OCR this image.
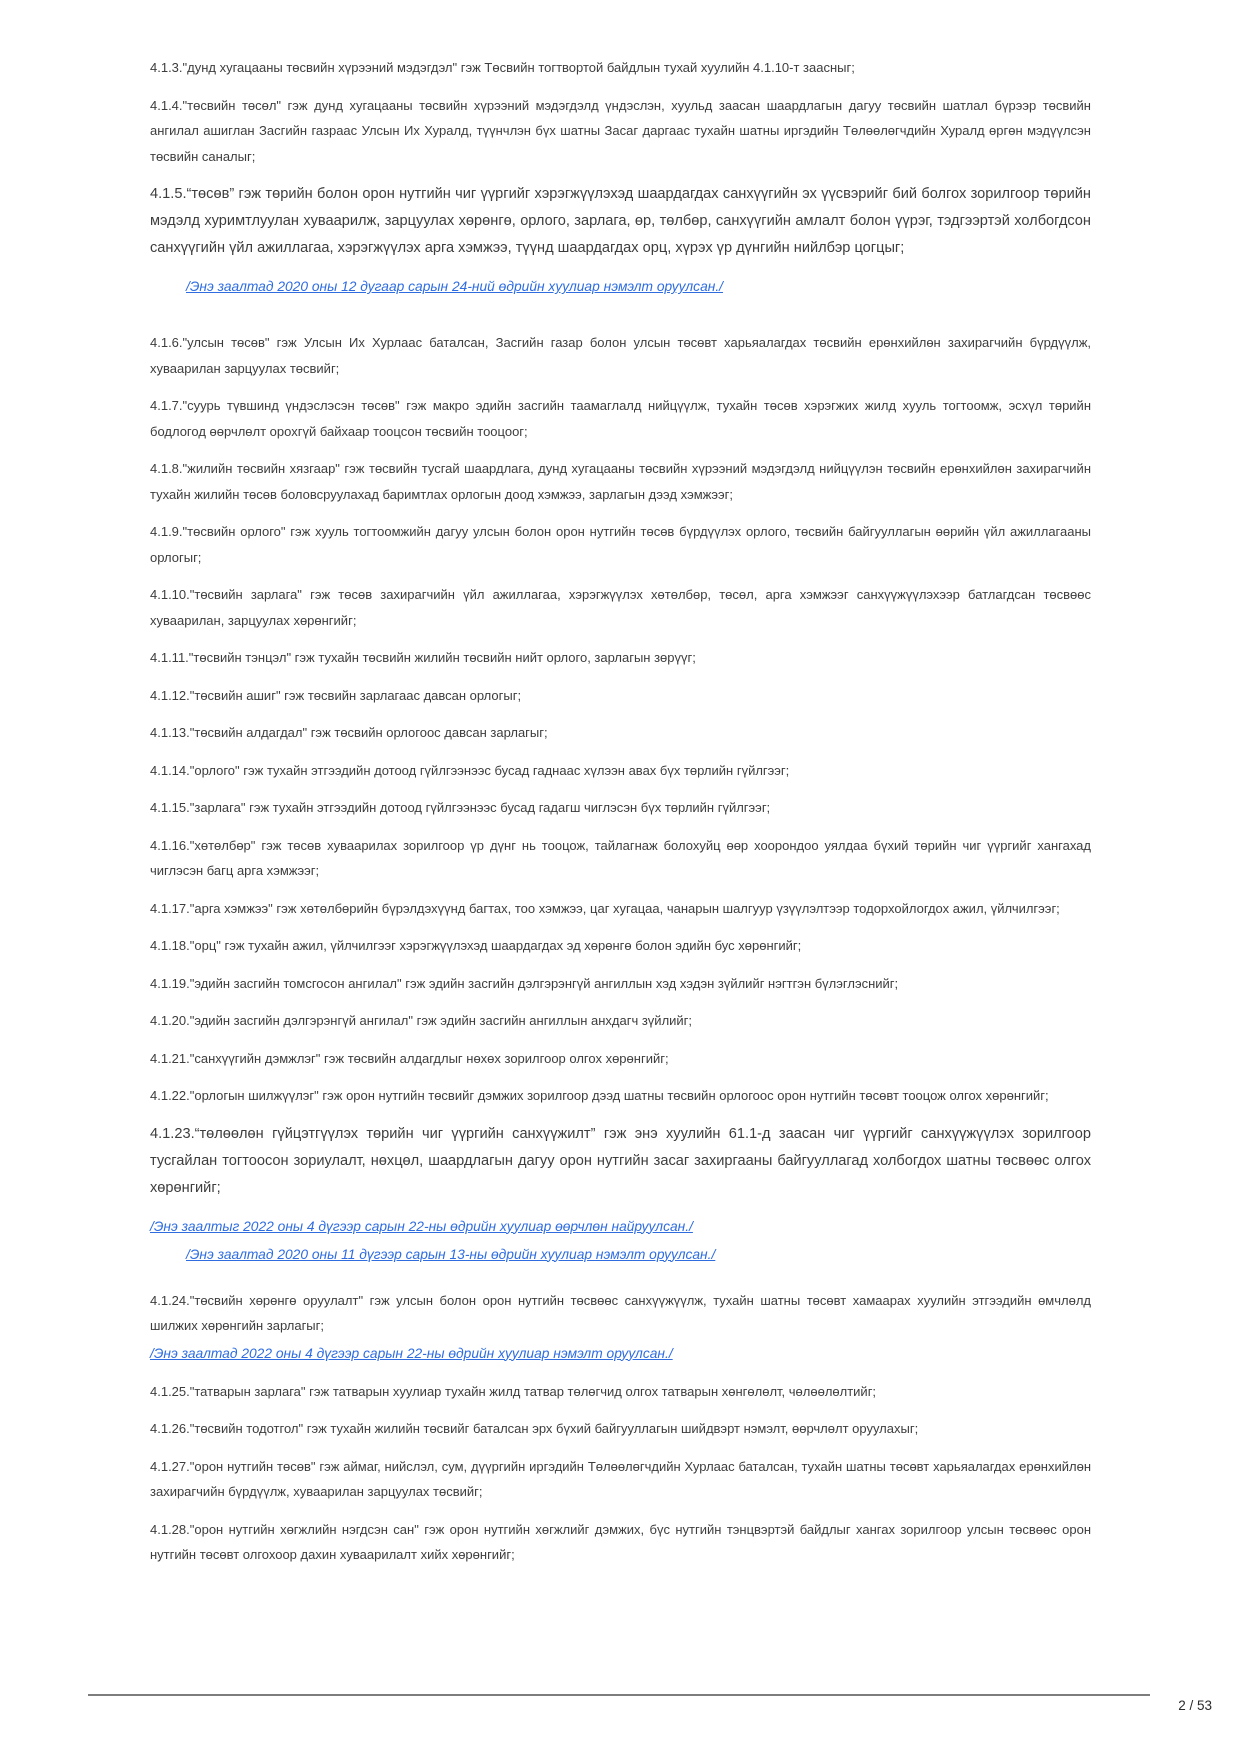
4.1.3."дунд хугацааны төсвийн хүрээний мэдэгдэл" гэж Төсвийн тогтвортой байдлын тухай хуулийн 4.1.10-т заасныг;

4.1.4."төсвийн төсөл" гэж дунд хугацааны төсвийн хүрээний мэдэгдэлд үндэслэн, хуульд заасан шаардлагын дагуу төсвийн шатлал бүрээр төсвийн ангилал ашиглан Засгийн газраас Улсын Их Хуралд, түүнчлэн бүх шатны Засаг даргаас тухайн шатны иргэдийн Төлөөлөгчдийн Хуралд өргөн мэдүүлсэн төсвийн саналыг;

4.1.5.“төсөв” гэж төрийн болон орон нутгийн чиг үүргийг хэрэгжүүлэхэд шаардагдах санхүүгийн эх үүсвэрийг бий болгох зорилгоор төрийн мэдэлд хуримтлуулан хуваарилж, зарцуулах хөрөнгө, орлого, зарлага, өр, төлбөр, санхүүгийн амлалт болон үүрэг, тэдгээртэй холбогдсон санхүүгийн үйл ажиллагаа, хэрэгжүүлэх арга хэмжээ, түүнд шаардагдах орц, хүрэх үр дүнгийн нийлбэр цогцыг;

/Энэ заалтад 2020 оны 12 дугаар сарын 24-ний өдрийн хуулиар нэмэлт оруулсан./

4.1.6."улсын төсөв" гэж Улсын Их Хурлаас баталсан, Засгийн газар болон улсын төсөвт харьяалагдах төсвийн ерөнхийлөн захирагчийн бүрдүүлж, хуваарилан зарцуулах төсвийг;

4.1.7."суурь түвшинд үндэслэсэн төсөв" гэж макро эдийн засгийн таамаглалд нийцүүлж, тухайн төсөв хэрэгжих жилд хууль тогтоомж, эсхүл төрийн бодлогод өөрчлөлт орохгүй байхаар тооцсон төсвийн тооцоог;

4.1.8."жилийн төсвийн хязгаар" гэж төсвийн тусгай шаардлага, дунд хугацааны төсвийн хүрээний мэдэгдэлд нийцүүлэн төсвийн ерөнхийлөн захирагчийн тухайн жилийн төсөв боловсруулахад баримтлах орлогын доод хэмжээ, зарлагын дээд хэмжээг;

4.1.9."төсвийн орлого" гэж хууль тогтоомжийн дагуу улсын болон орон нутгийн төсөв бүрдүүлэх орлого, төсвийн байгууллагын өөрийн үйл ажиллагааны орлогыг;

4.1.10."төсвийн зарлага" гэж төсөв захирагчийн үйл ажиллагаа, хэрэгжүүлэх хөтөлбөр, төсөл, арга хэмжээг санхүүжүүлэхээр батлагдсан төсвөөс хуваарилан, зарцуулах хөрөнгийг;

4.1.11."төсвийн тэнцэл" гэж тухайн төсвийн жилийн төсвийн нийт орлого, зарлагын зөрүүг;

4.1.12."төсвийн ашиг" гэж төсвийн зарлагаас давсан орлогыг;

4.1.13."төсвийн алдагдал" гэж төсвийн орлогоос давсан зарлагыг;

4.1.14."орлого" гэж тухайн этгээдийн дотоод гүйлгээнээс бусад гаднаас хүлээн авах бүх төрлийн гүйлгээг;

4.1.15."зарлага" гэж тухайн этгээдийн дотоод гүйлгээнээс бусад гадагш чиглэсэн бүх төрлийн гүйлгээг;

4.1.16."хөтөлбөр" гэж төсөв хуваарилах зорилгоор үр дүнг нь тооцож, тайлагнаж болохуйц өөр хоорондоо уялдаа бүхий төрийн чиг үүргийг хангахад чиглэсэн багц арга хэмжээг;

4.1.17."арга хэмжээ" гэж хөтөлбөрийн бүрэлдэхүүнд багтах, тоо хэмжээ, цаг хугацаа, чанарын шалгуур үзүүлэлтээр тодорхойлогдох ажил, үйлчилгээг;

4.1.18."орц" гэж тухайн ажил, үйлчилгээг хэрэгжүүлэхэд шаардагдах эд хөрөнгө болон эдийн бус хөрөнгийг;

4.1.19."эдийн засгийн томсгосон ангилал" гэж эдийн засгийн дэлгэрэнгүй ангиллын хэд хэдэн зүйлийг нэгтгэн бүлэглэснийг;

4.1.20."эдийн засгийн дэлгэрэнгүй ангилал" гэж эдийн засгийн ангиллын анхдагч зүйлийг;

4.1.21."санхүүгийн дэмжлэг" гэж төсвийн алдагдлыг нөхөх зорилгоор олгох хөрөнгийг;

4.1.22."орлогын шилжүүлэг" гэж орон нутгийн төсвийг дэмжих зорилгоор дээд шатны төсвийн орлогоос орон нутгийн төсөвт тооцож олгох хөрөнгийг;

4.1.23.“төлөөлөн гүйцэтгүүлэх төрийн чиг үүргийн санхүүжилт” гэж энэ хуулийн 61.1-д заасан чиг үүргийг санхүүжүүлэх зорилгоор тусгайлан тогтоосон зориулалт, нөхцөл, шаардлагын дагуу орон нутгийн засаг захиргааны байгууллагад холбогдох шатны төсвөөс олгох хөрөнгийг;

/Энэ заалтыг 2022 оны 4 дүгээр сарын 22-ны өдрийн хуулиар өөрчлөн найруулсан./
/Энэ заалтад 2020 оны 11 дүгээр сарын 13-ны өдрийн хуулиар нэмэлт оруулсан./

4.1.24."төсвийн хөрөнгө оруулалт" гэж улсын болон орон нутгийн төсвөөс санхүүжүүлж, тухайн шатны төсөвт хамаарах хуулийн этгээдийн өмчлөлд шилжих хөрөнгийн зарлагыг;

/Энэ заалтад 2022 оны 4 дүгээр сарын 22-ны өдрийн хуулиар нэмэлт оруулсан./

4.1.25."татварын зарлага" гэж татварын хуулиар тухайн жилд татвар төлөгчид олгох татварын хөнгөлөлт, чөлөөлөлтийг;

4.1.26."төсвийн тодотгол" гэж тухайн жилийн төсвийг баталсан эрх бүхий байгууллагын шийдвэрт нэмэлт, өөрчлөлт оруулахыг;

4.1.27."орон нутгийн төсөв" гэж аймаг, нийслэл, сум, дүүргийн иргэдийн Төлөөлөгчдийн Хурлаас баталсан, тухайн шатны төсөвт харьяалагдах ерөнхийлөн захирагчийн бүрдүүлж, хуваарилан зарцуулах төсвийг;

4.1.28."орон нутгийн хөгжлийн нэгдсэн сан" гэж орон нутгийн хөгжлийг дэмжих, бүс нутгийн тэнцвэртэй байдлыг хангах зорилгоор улсын төсвөөс орон нутгийн төсөвт олгохоор дахин хуваарилалт хийх хөрөнгийг;

2 / 53
